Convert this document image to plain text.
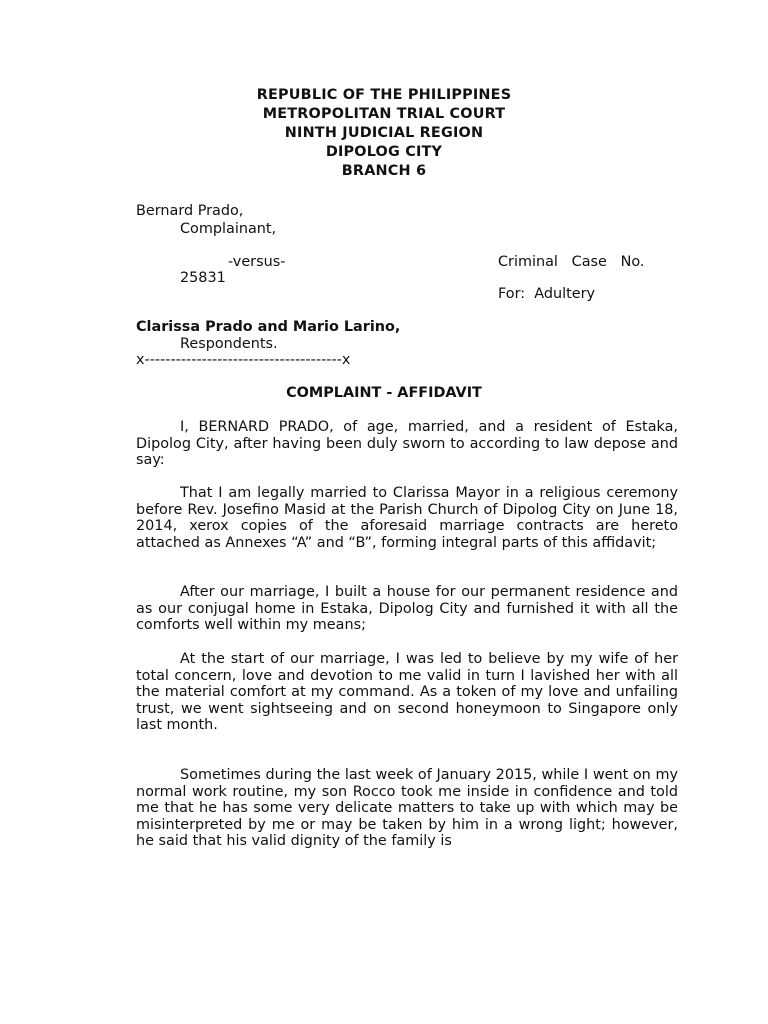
REPUBLIC OF THE PHILIPPINES
METROPOLITAN TRIAL COURT
NINTH JUDICIAL REGION
DIPOLOG CITY
BRANCH 6
Bernard Prado,
Complainant,
-versus-	Criminal   Case   No.
25831
For:  Adultery
Clarissa Prado and Mario Larino,
Respondents.
x--------------------------------------x
COMPLAINT - AFFIDAVIT

I, BERNARD PRADO, of age, married, and a resident of Estaka, Dipolog City, after having been duly sworn to according to law depose and say:

That I am legally married to Clarissa Mayor in a religious ceremony before Rev. Josefino Masid at the Parish Church of Dipolog City on June 18, 2014, xerox copies of the aforesaid marriage contracts are hereto attached as Annexes “A” and “B”, forming integral parts of this affidavit;

After our marriage, I built a house for our permanent residence and as our conjugal home in Estaka, Dipolog City and furnished it with all the comforts well within my means;

At the start of our marriage, I was led to believe by my wife of her total concern, love and devotion to me valid in turn I lavished her with all the material comfort at my command. As a token of my love and unfailing trust, we went sightseeing and on second honeymoon to Singapore only last month.

Sometimes during the last week of January 2015, while I went on my normal work routine, my son Rocco took me inside in confidence and told me that he has some very delicate matters to take up with which may be misinterpreted by me or may be taken by him in a wrong light; however, he said that his valid dignity of the family is
